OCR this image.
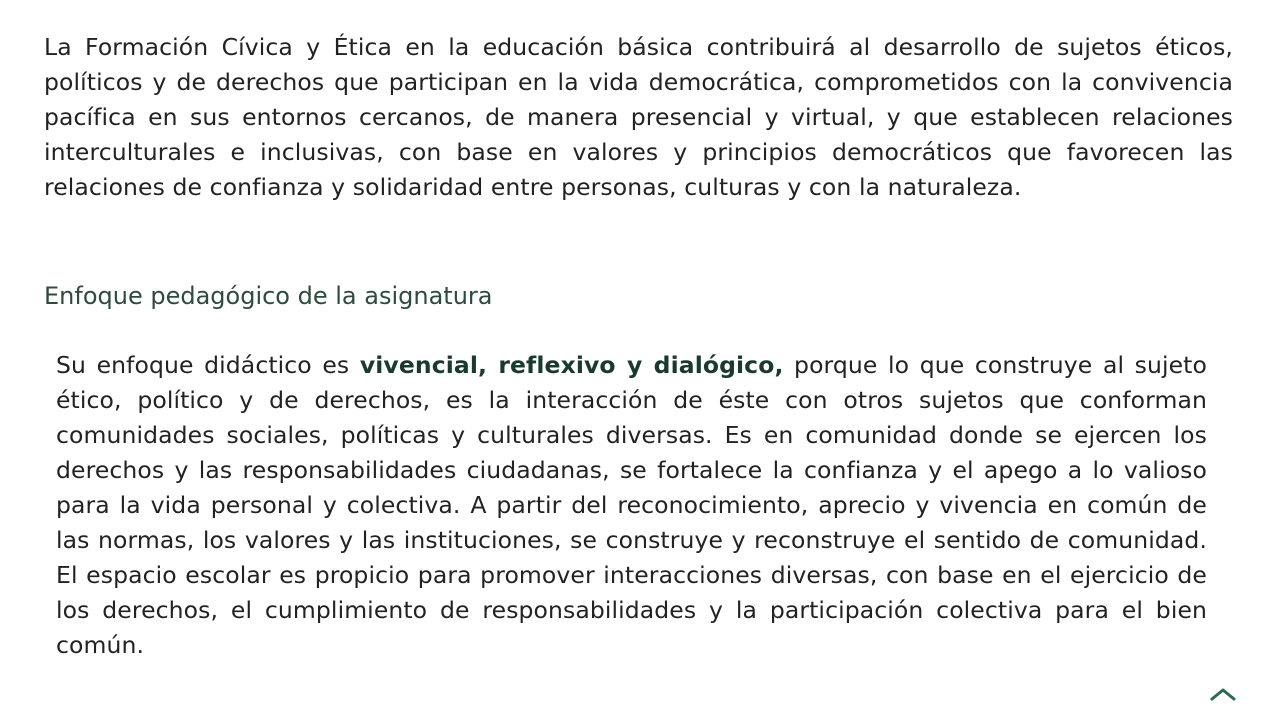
La Formación Cívica y Ética en la educación básica contribuirá al desarrollo de sujetos éticos, políticos y de derechos que participan en la vida democrática, comprometidos con la convivencia pacífica en sus entornos cercanos, de manera presencial y virtual, y que establecen relaciones interculturales e inclusivas, con base en valores y principios democráticos que favorecen las relaciones de confianza y solidaridad entre personas, culturas y con la naturaleza.

Enfoque pedagógico de la asignatura

Su enfoque didáctico es vivencial, reflexivo y dialógico, porque lo que construye al sujeto ético, político y de derechos, es la interacción de éste con otros sujetos que conforman comunidades sociales, políticas y culturales diversas. Es en comunidad donde se ejercen los derechos y las responsabilidades ciudadanas, se fortalece la confianza y el apego a lo valioso para la vida personal y colectiva. A partir del reconocimiento, aprecio y vivencia en común de las normas, los valores y las instituciones, se construye y reconstruye el sentido de comunidad. El espacio escolar es propicio para promover interacciones diversas, con base en el ejercicio de los derechos, el cumplimiento de responsabilidades y la participación colectiva para el bien común.
